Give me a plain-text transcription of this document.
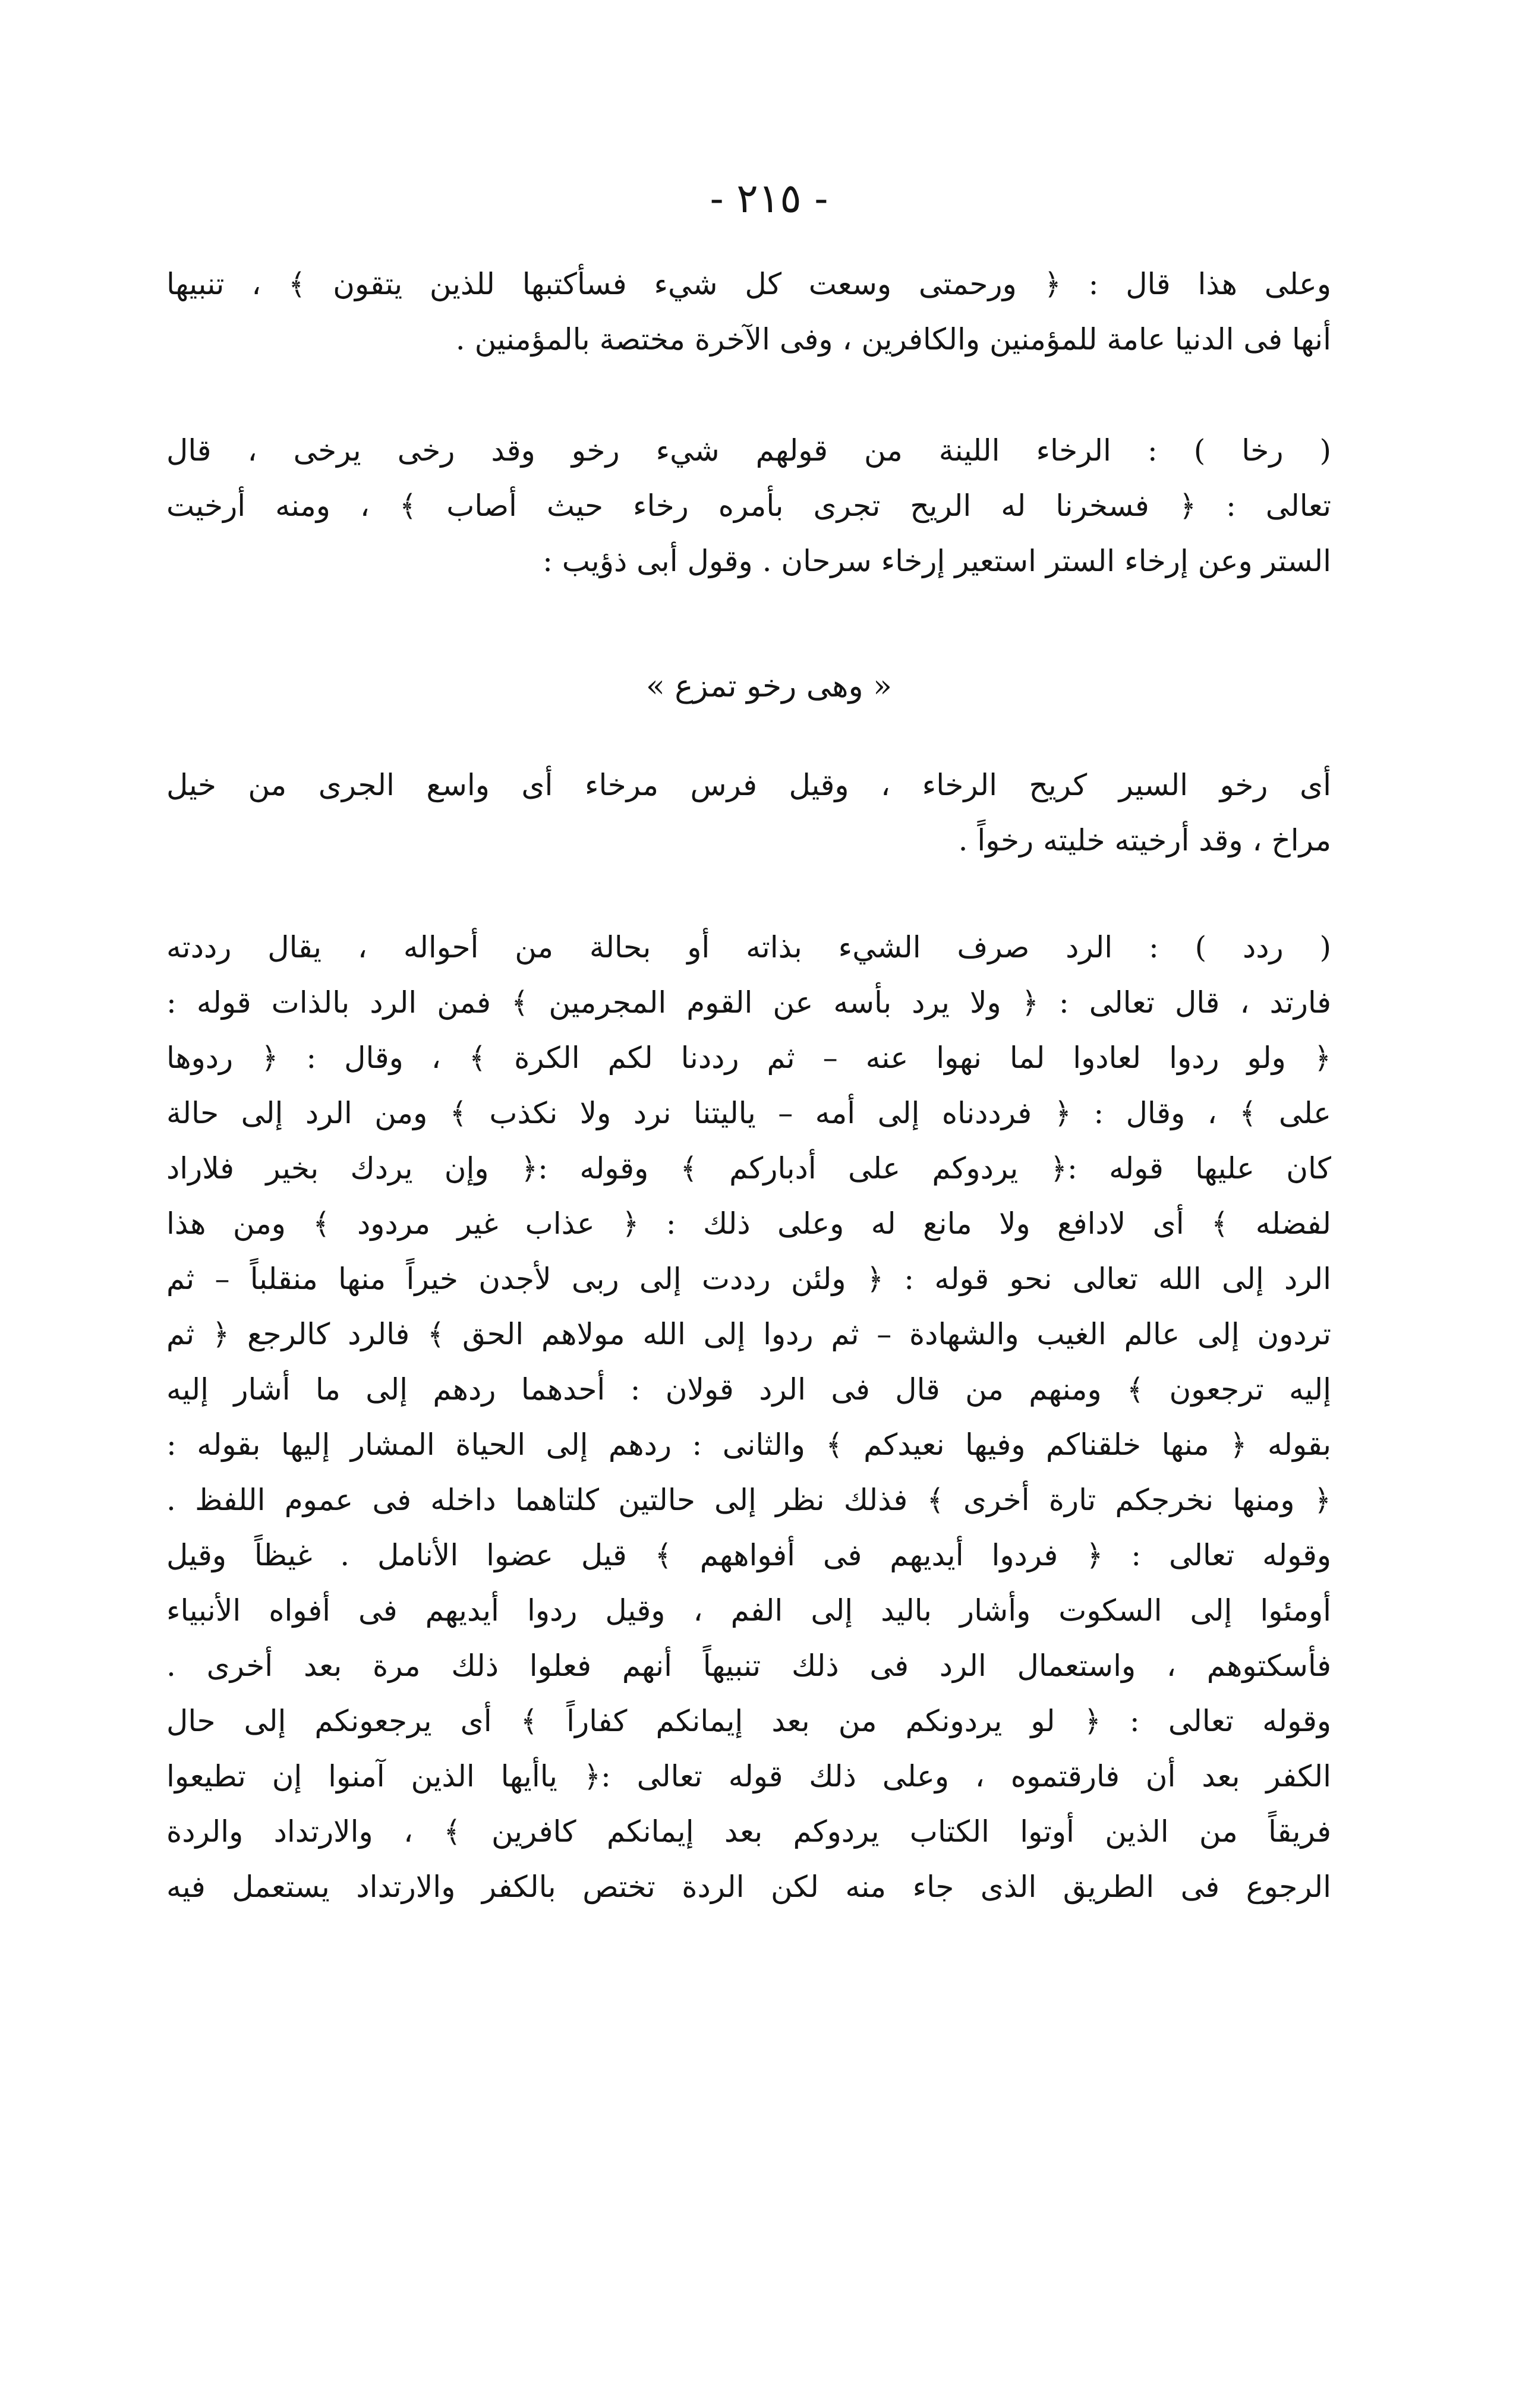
- ٢١٥ -
وعلى هذا قال : ﴿ ورحمتى وسعت كل شيء فسأكتبها للذين يتقون ﴾ ، تنبيها
أنها فى الدنيا عامة للمؤمنين والكافرين ، وفى الآخرة مختصة بالمؤمنين .
( رخا ) : الرخاء اللينة من قولهم شيء رخو وقد رخى يرخى ، قال
تعالى : ﴿ فسخرنا له الريح تجرى بأمره رخاء حيث أصاب ﴾ ، ومنه أرخيت
الستر وعن إرخاء الستر استعير إرخاء سرحان . وقول أبى ذؤيب :
« وهى رخو تمزع »
أى رخو السير كريح الرخاء ، وقيل فرس مرخاء أى واسع الجرى من خيل
مراخ ، وقد أرخيته خليته رخواً .
( ردد ) : الرد صرف الشيء بذاته أو بحالة من أحواله ، يقال رددته
فارتد ، قال تعالى : ﴿ ولا يرد بأسه عن القوم المجرمين ﴾ فمن الرد بالذات قوله :
﴿ ولو ردوا لعادوا لما نهوا عنه – ثم رددنا لكم الكرة ﴾ ، وقال : ﴿ ردوها
على ﴾ ، وقال : ﴿ فرددناه إلى أمه – ياليتنا نرد ولا نكذب ﴾ ومن الرد إلى حالة
كان عليها قوله :﴿ يردوكم على أدباركم ﴾ وقوله :﴿ وإن يردك بخير فلاراد
لفضله ﴾ أى لادافع ولا مانع له وعلى ذلك : ﴿ عذاب غير مردود ﴾ ومن هذا
الرد إلى الله تعالى نحو قوله : ﴿ ولئن رددت إلى ربى لأجدن خيراً منها منقلباً – ثم
تردون إلى عالم الغيب والشهادة – ثم ردوا إلى الله مولاهم الحق ﴾ فالرد كالرجع ﴿ ثم
إليه ترجعون ﴾ ومنهم من قال فى الرد قولان : أحدهما ردهم إلى ما أشار إليه
بقوله ﴿ منها خلقناكم وفيها نعيدكم ﴾ والثانى : ردهم إلى الحياة المشار إليها بقوله :
﴿ ومنها نخرجكم تارة أخرى ﴾ فذلك نظر إلى حالتين كلتاهما داخله فى عموم اللفظ .
وقوله تعالى : ﴿ فردوا أيديهم فى أفواههم ﴾ قيل عضوا الأنامل . غيظاً وقيل
أومئوا إلى السكوت وأشار باليد إلى الفم ، وقيل ردوا أيديهم فى أفواه الأنبياء
فأسكتوهم ، واستعمال الرد فى ذلك تنبيهاً أنهم فعلوا ذلك مرة بعد أخرى .
وقوله تعالى : ﴿ لو يردونكم من بعد إيمانكم كفاراً ﴾ أى يرجعونكم إلى حال
الكفر بعد أن فارقتموه ، وعلى ذلك قوله تعالى :﴿ ياأيها الذين آمنوا إن تطيعوا
فريقاً من الذين أوتوا الكتاب يردوكم بعد إيمانكم كافرين ﴾ ، والارتداد والردة
الرجوع فى الطريق الذى جاء منه لكن الردة تختص بالكفر والارتداد يستعمل فيه
